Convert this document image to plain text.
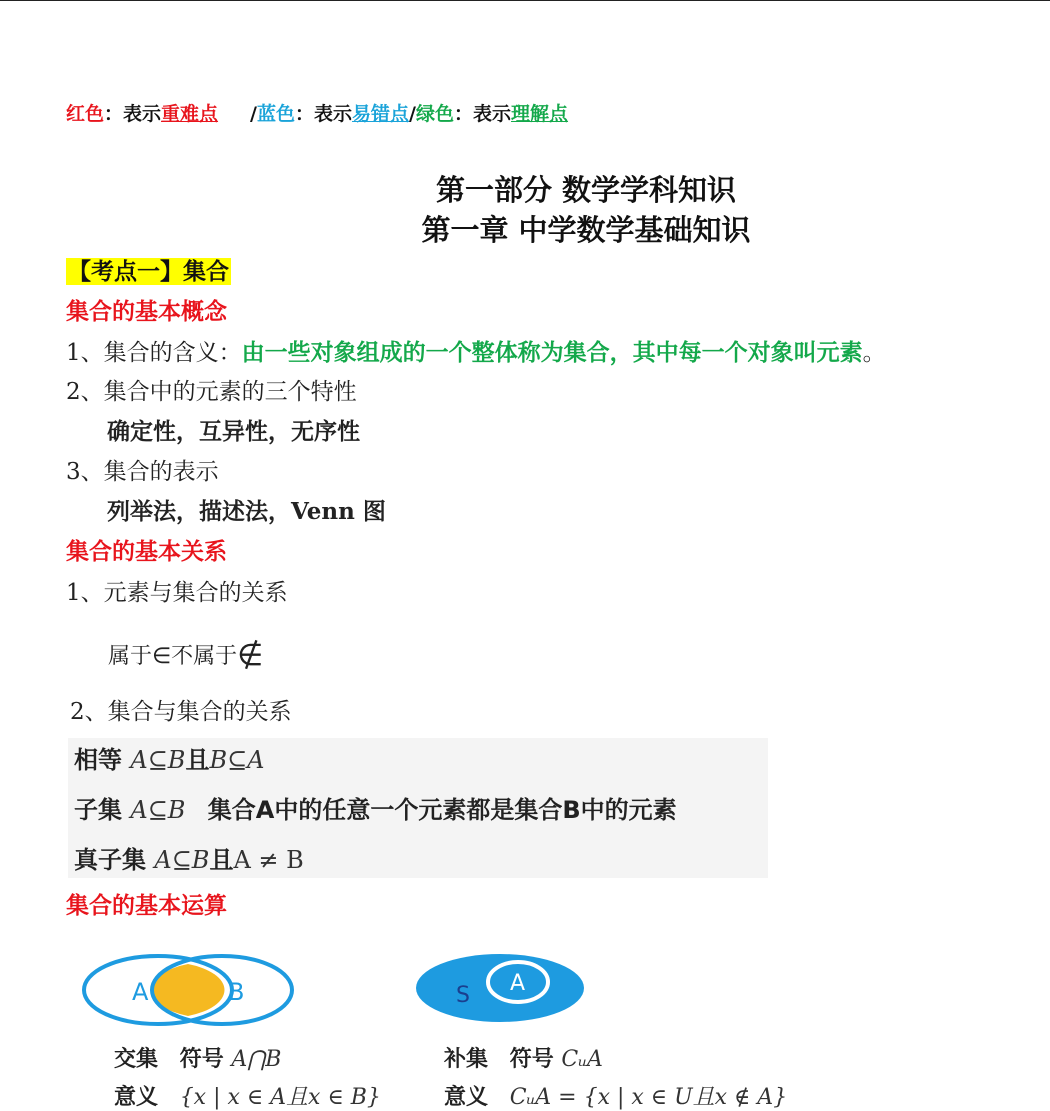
红色：表示重难点 /蓝色：表示易错点/绿色：表示理解点
第一部分 数学学科知识
第一章 中学数学基础知识
【考点一】集合
集合的基本概念
1、集合的含义：由一些对象组成的一个整体称为集合，其中每一个对象叫元素。
2、集合中的元素的三个特性
确定性，互异性，无序性
3、集合的表示
列举法，描述法，Venn 图
集合的基本关系
1、元素与集合的关系
属于∈不属于∉
2、集合与集合的关系
相等 A⊆B且B⊆A
子集 A⊆B 集合A中的任意一个元素都是集合B中的元素
真子集 A⊆B且A ≠ B
集合的基本运算
A	B	S A
交集 符号 A⋂B
意义 {x | x ∈ A且x ∈ B}
补集 符号 CᵤA
意义 CᵤA = {x | x ∈ U且x ∉ A}
